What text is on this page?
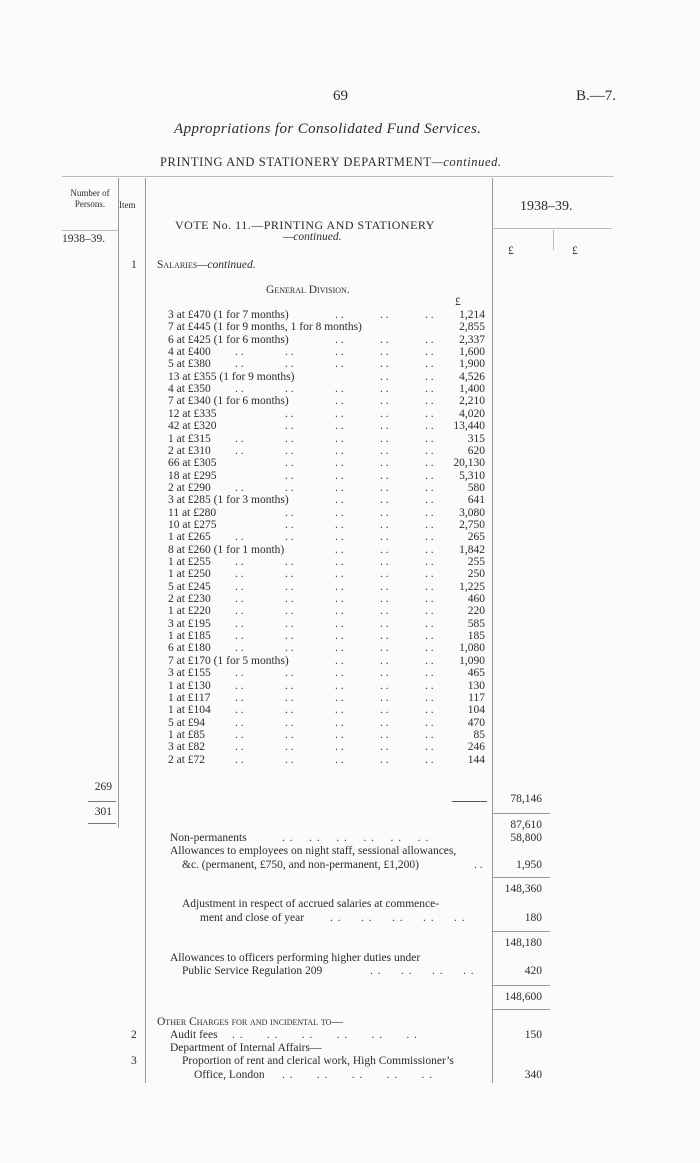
69	B.—7.
Appropriations for Consolidated Fund Services.
PRINTING AND STATIONERY DEPARTMENT—continued.
Number of
Persons.	Item
1938–39.
1938–39.
£	£
VOTE No. 11.—PRINTING AND STATIONERY
—continued.
1 Salaries—continued.
General Division.
£
3 at £470 (1 for 7 months)	. .	. .	. .	1,214
7 at £445 (1 for 9 months, 1 for 8 months)	2,855
6 at £425 (1 for 6 months)	. .	. .	. .	2,337
4 at £400 . .	. .	. .	. .	. .	1,600
5 at £380 . .	. .	. .	. .	. .	1,900
13 at £355 (1 for 9 months)	. .	. .	4,526
4 at £350 . .	. .	. .	. .	. .	1,400
7 at £340 (1 for 6 months)	. .	. .	. .	2,210
12 at £335	. .	. .	. .	. .	4,020
42 at £320	. .	. .	. .	. .	13,440
1 at £315 . .	. .	. .	. .	. .	315
2 at £310 . .	. .	. .	. .	. .	620
66 at £305	. .	. .	. .	. .	20,130
18 at £295	. .	. .	. .	. .	5,310
2 at £290 . .	. .	. .	. .	. .	580
3 at £285 (1 for 3 months)	. .	. .	. .	641
11 at £280	. .	. .	. .	. .	3,080
10 at £275	. .	. .	. .	. .	2,750
1 at £265 . .	. .	. .	. .	. .	265
8 at £260 (1 for 1 month)	. .	. .	. .	1,842
1 at £255 . .	. .	. .	. .	. .	255
1 at £250 . .	. .	. .	. .	. .	250
5 at £245 . .	. .	. .	. .	. .	1,225
2 at £230 . .	. .	. .	. .	. .	460
1 at £220 . .	. .	. .	. .	. .	220
3 at £195 . .	. .	. .	. .	. .	585
1 at £185 . .	. .	. .	. .	. .	185
6 at £180 . .	. .	. .	. .	. .	1,080
7 at £170 (1 for 5 months)	. .	. .	. .	1,090
3 at £155 . .	. .	. .	. .	. .	465
1 at £130 . .	. .	. .	. .	. .	130
1 at £117 . .	. .	. .	. .	. .	117
1 at £104 . .	. .	. .	. .	. .	104
5 at £94	. .	. .	. .	. .	. .	470
1 at £85	. .	. .	. .	. .	. .	85
3 at £82	. .	. .	. .	. .	. .	246
2 at £72	. .	. .	. .	. .	. .	144
269
301
78,146
87,610
Non-permanents	. .    . .    . .    . .    . .    . .	58,800
Allowances to employees on night staff, sessional allowances,
&c. (permanent, £750, and non-permanent, £1,200)	. .	1,950
148,360
Adjustment in respect of accrued salaries at commence-
ment and close of year . .     . .     . .     . .     . .	180
148,180
Allowances to officers performing higher duties under
Public Service Regulation 209	. .     . .     . .     . .	420
148,600
Other Charges for and incidental to—
2	Audit fees . .      . .      . .      . .      . .      . .	150
Department of Internal Affairs—
3	Proportion of rent and clerical work, High Commissioner’s
Office, London . .      . .      . .      . .      . .	340
